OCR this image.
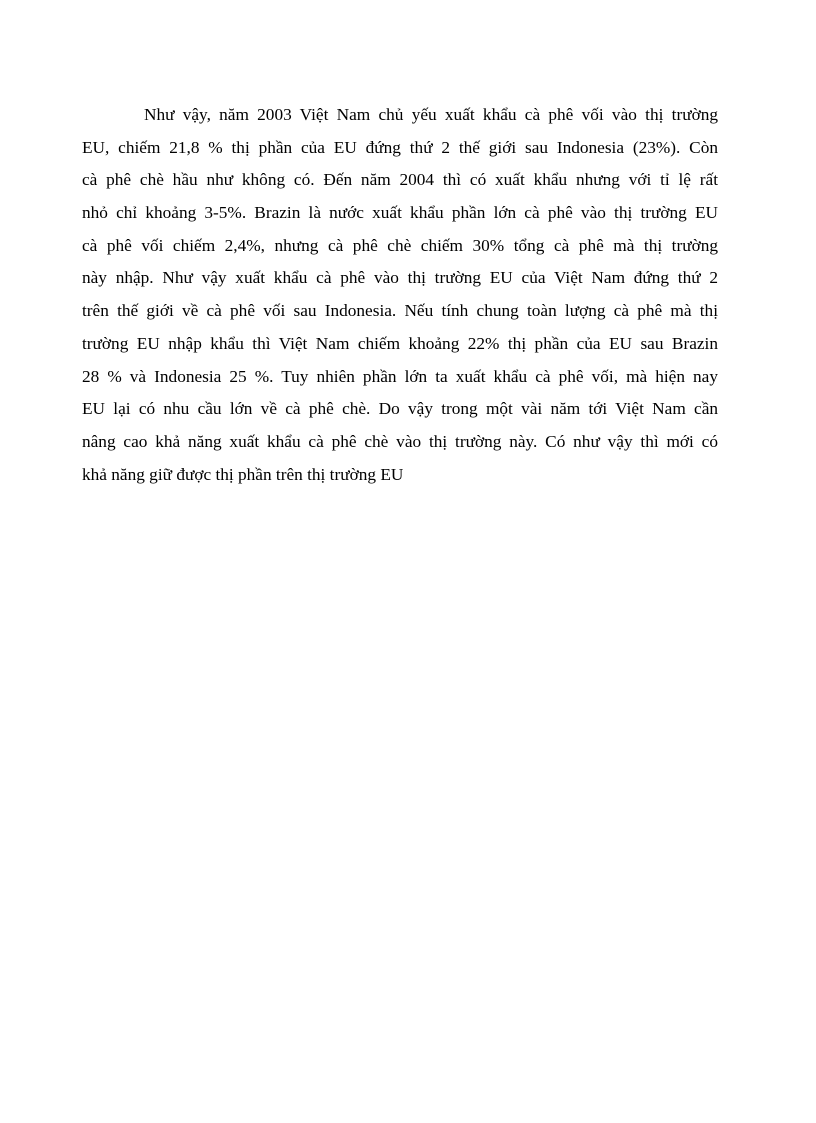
Như vậy, năm 2003 Việt Nam chủ yếu xuất khẩu cà phê vối vào thị trường
EU, chiếm 21,8 % thị phần của EU đứng thứ 2 thế giới sau Indonesia (23%). Còn
cà phê chè hầu như không có. Đến năm 2004 thì có xuất khẩu nhưng với tỉ lệ rất
nhỏ chỉ khoảng 3-5%. Brazin là nước xuất khẩu phần lớn cà phê vào thị trường EU
cà phê vối chiếm 2,4%, nhưng cà phê chè chiếm 30% tổng cà phê mà thị trường
này nhập. Như vậy xuất khẩu cà phê vào thị trường EU của Việt Nam đứng thứ 2
trên thế giới về cà phê vối sau Indonesia. Nếu tính chung toàn lượng cà phê mà thị
trường EU nhập khẩu thì Việt Nam chiếm khoảng 22% thị phần của EU sau Brazin
28 % và Indonesia 25 %. Tuy nhiên phần lớn ta xuất khẩu cà phê vối, mà hiện nay
EU lại có nhu cầu lớn về cà phê chè. Do vậy trong một vài năm tới Việt Nam cần
nâng cao khả năng xuất khẩu cà phê chè vào thị trường này. Có như vậy thì mới có
khả năng giữ được thị phần trên thị trường EU
